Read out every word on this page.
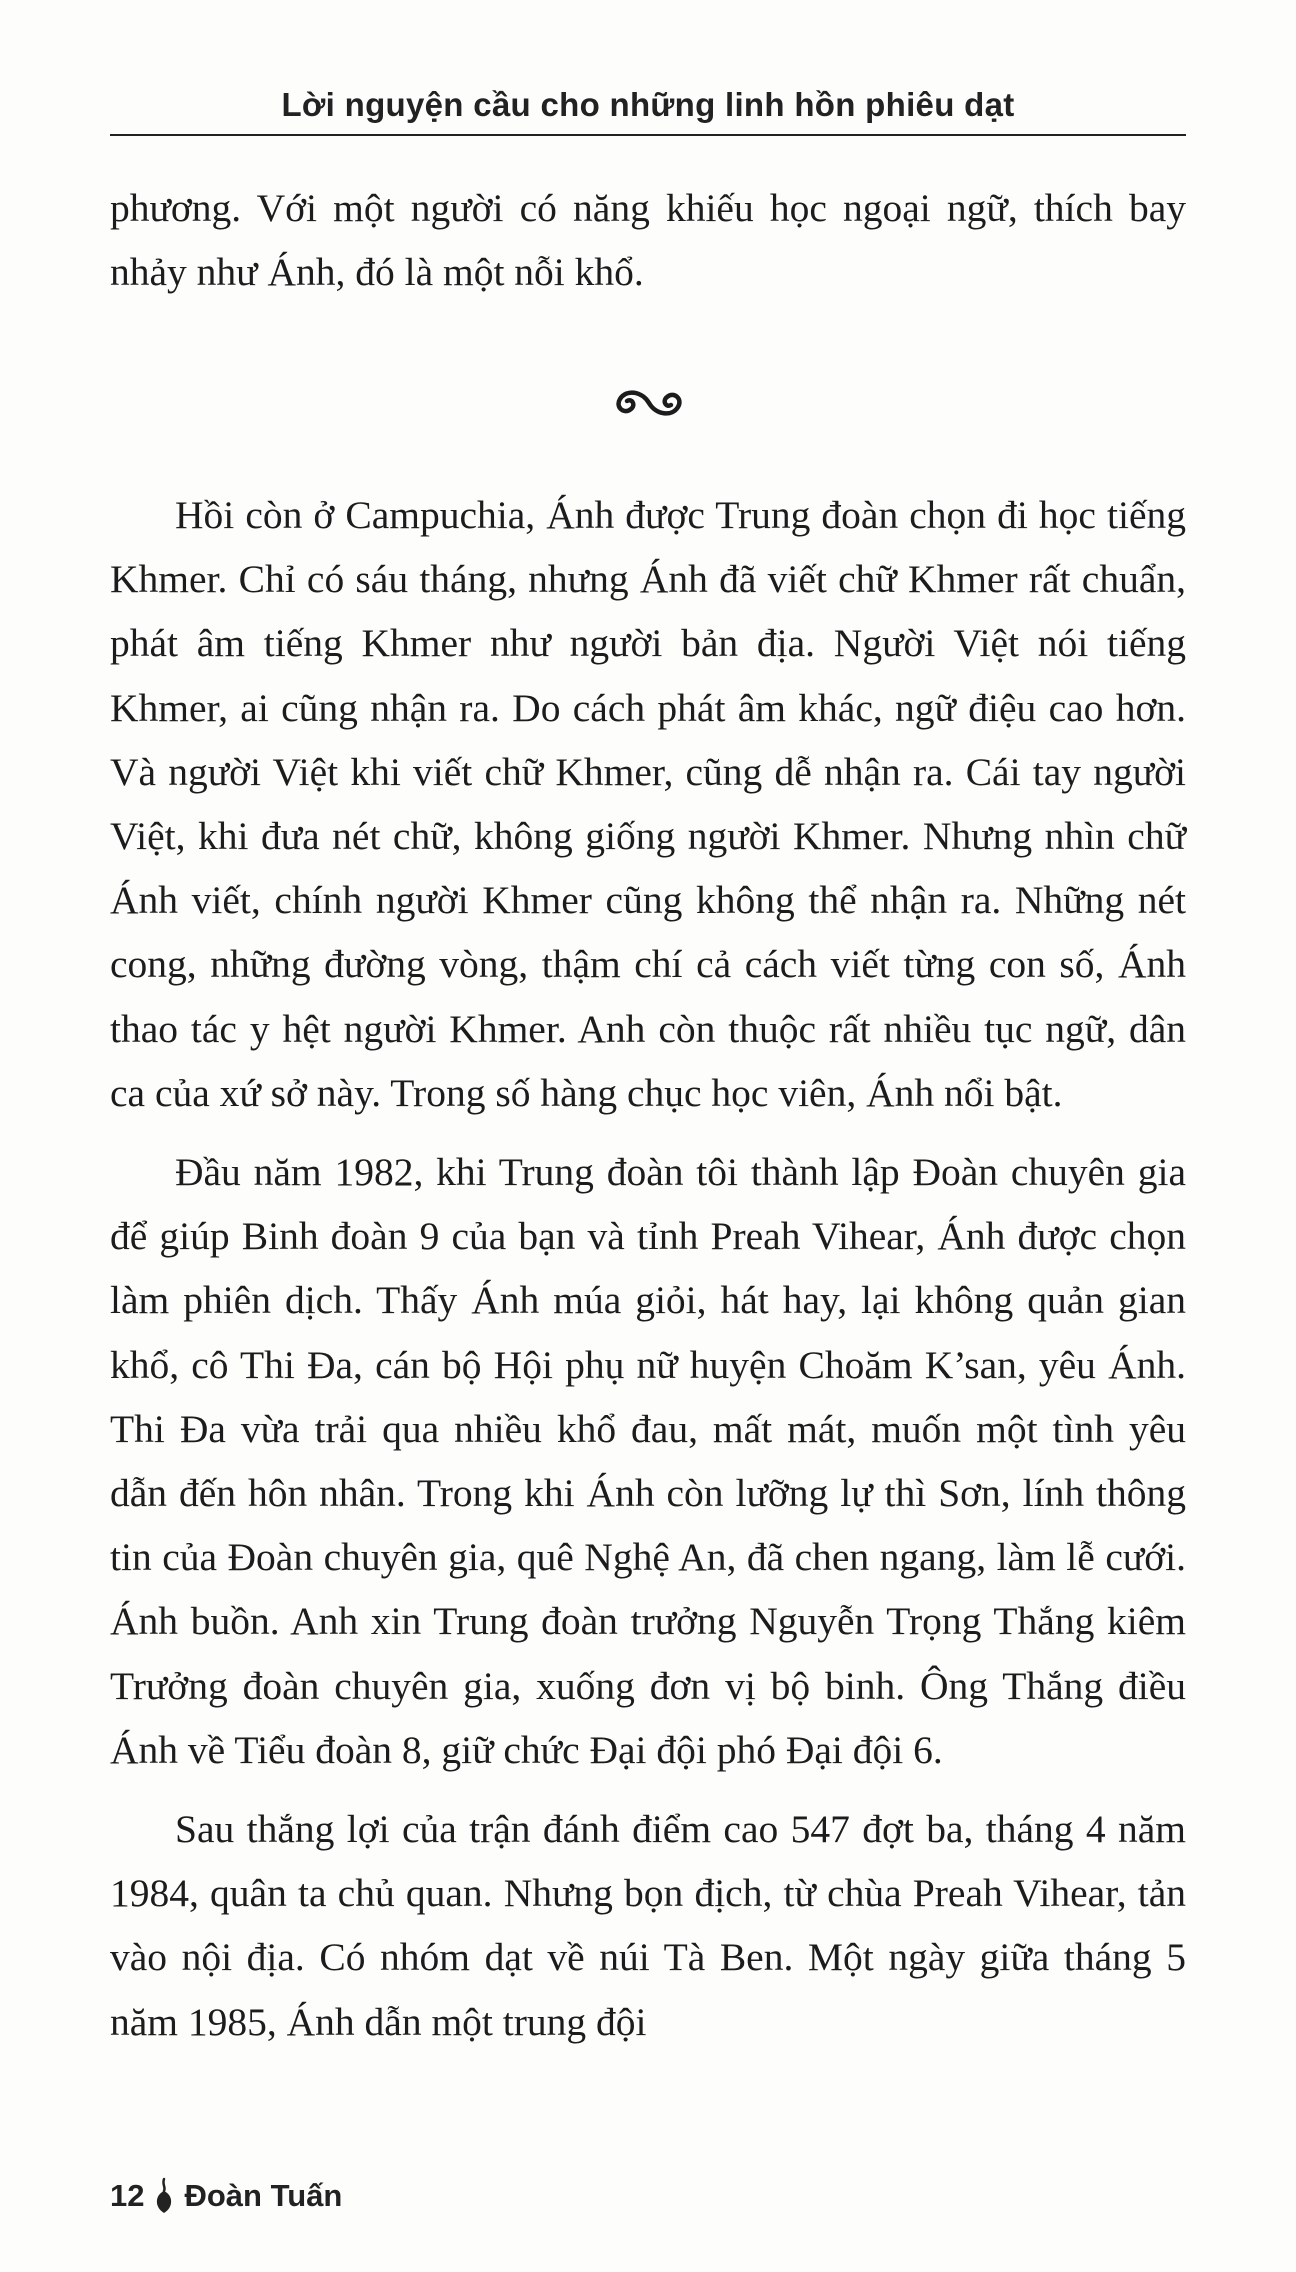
Lời nguyện cầu cho những linh hồn phiêu dạt

phương. Với một người có năng khiếu học ngoại ngữ, thích bay nhảy như Ánh, đó là một nỗi khổ.

Hồi còn ở Campuchia, Ánh được Trung đoàn chọn đi học tiếng Khmer. Chỉ có sáu tháng, nhưng Ánh đã viết chữ Khmer rất chuẩn, phát âm tiếng Khmer như người bản địa. Người Việt nói tiếng Khmer, ai cũng nhận ra. Do cách phát âm khác, ngữ điệu cao hơn. Và người Việt khi viết chữ Khmer, cũng dễ nhận ra. Cái tay người Việt, khi đưa nét chữ, không giống người Khmer. Nhưng nhìn chữ Ánh viết, chính người Khmer cũng không thể nhận ra. Những nét cong, những đường vòng, thậm chí cả cách viết từng con số, Ánh thao tác y hệt người Khmer. Anh còn thuộc rất nhiều tục ngữ, dân ca của xứ sở này. Trong số hàng chục học viên, Ánh nổi bật.

Đầu năm 1982, khi Trung đoàn tôi thành lập Đoàn chuyên gia để giúp Binh đoàn 9 của bạn và tỉnh Preah Vihear, Ánh được chọn làm phiên dịch. Thấy Ánh múa giỏi, hát hay, lại không quản gian khổ, cô Thi Đa, cán bộ Hội phụ nữ huyện Choăm K’san, yêu Ánh. Thi Đa vừa trải qua nhiều khổ đau, mất mát, muốn một tình yêu dẫn đến hôn nhân. Trong khi Ánh còn lưỡng lự thì Sơn, lính thông tin của Đoàn chuyên gia, quê Nghệ An, đã chen ngang, làm lễ cưới. Ánh buồn. Anh xin Trung đoàn trưởng Nguyễn Trọng Thắng kiêm Trưởng đoàn chuyên gia, xuống đơn vị bộ binh. Ông Thắng điều Ánh về Tiểu đoàn 8, giữ chức Đại đội phó Đại đội 6.

Sau thắng lợi của trận đánh điểm cao 547 đợt ba, tháng 4 năm 1984, quân ta chủ quan. Nhưng bọn địch, từ chùa Preah Vihear, tản vào nội địa. Có nhóm dạt về núi Tà Ben. Một ngày giữa tháng 5 năm 1985, Ánh dẫn một trung đội

12 Đoàn Tuấn
